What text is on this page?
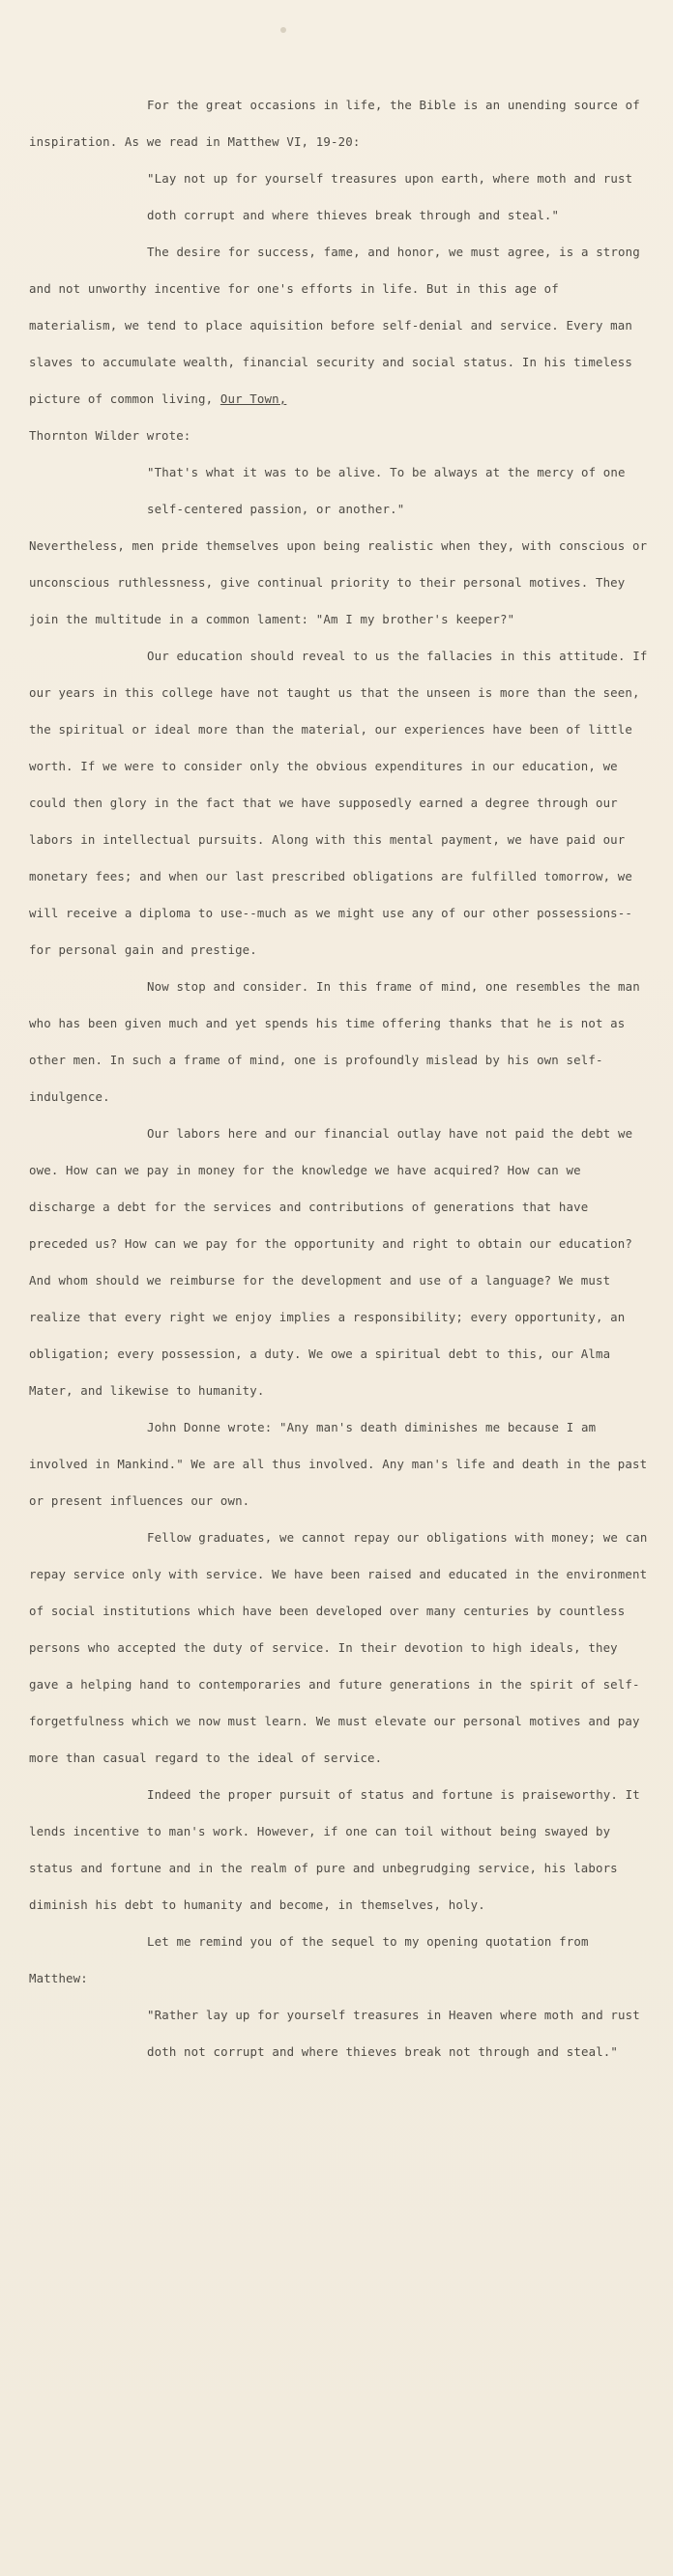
For the great occasions in life, the Bible is an unending source of inspiration. As we read in Matthew VI, 19-20:

"Lay not up for yourself treasures upon earth, where moth and rust doth corrupt and where thieves break through and steal."

The desire for success, fame, and honor, we must agree, is a strong and not unworthy incentive for one's efforts in life. But in this age of materialism, we tend to place aquisition before self-denial and service. Every man slaves to accumulate wealth, financial security and social status. In his timeless picture of common living, Our Town,
Thornton Wilder wrote:

"That's what it was to be alive. To be always at the mercy of one self-centered passion, or another."

Nevertheless, men pride themselves upon being realistic when they, with conscious or unconscious ruthlessness, give continual priority to their personal motives. They join the multitude in a common lament: "Am I my brother's keeper?"

Our education should reveal to us the fallacies in this attitude. If our years in this college have not taught us that the unseen is more than the seen, the spiritual or ideal more than the material, our experiences have been of little worth. If we were to consider only the obvious expenditures in our education, we could then glory in the fact that we have supposedly earned a degree through our labors in intellectual pursuits. Along with this mental payment, we have paid our monetary fees; and when our last prescribed obligations are fulfilled tomorrow, we will receive a diploma to use--much as we might use any of our other possessions--for personal gain and prestige.

Now stop and consider. In this frame of mind, one resembles the man who has been given much and yet spends his time offering thanks that he is not as other men. In such a frame of mind, one is profoundly mislead by his own self-indulgence.

Our labors here and our financial outlay have not paid the debt we owe. How can we pay in money for the knowledge we have acquired? How can we discharge a debt for the services and contributions of generations that have preceded us? How can we pay for the opportunity and right to obtain our education? And whom should we reimburse for the development and use of a language? We must realize that every right we enjoy implies a responsibility; every opportunity, an obligation; every possession, a duty. We owe a spiritual debt to this, our Alma Mater, and likewise to humanity.

John Donne wrote: "Any man's death diminishes me because I am involved in Mankind." We are all thus involved. Any man's life and death in the past or present influences our own.

Fellow graduates, we cannot repay our obligations with money; we can repay service only with service. We have been raised and educated in the environment of social institutions which have been developed over many centuries by countless persons who accepted the duty of service. In their devotion to high ideals, they gave a helping hand to contemporaries and future generations in the spirit of self-forgetfulness which we now must learn. We must elevate our personal motives and pay more than casual regard to the ideal of service.

Indeed the proper pursuit of status and fortune is praiseworthy. It lends incentive to man's work. However, if one can toil without being swayed by status and fortune and in the realm of pure and unbegrudging service, his labors diminish his debt to humanity and become, in themselves, holy.

Let me remind you of the sequel to my opening quotation from Matthew:

"Rather lay up for yourself treasures in Heaven where moth and rust doth not corrupt and where thieves break not through and steal."
